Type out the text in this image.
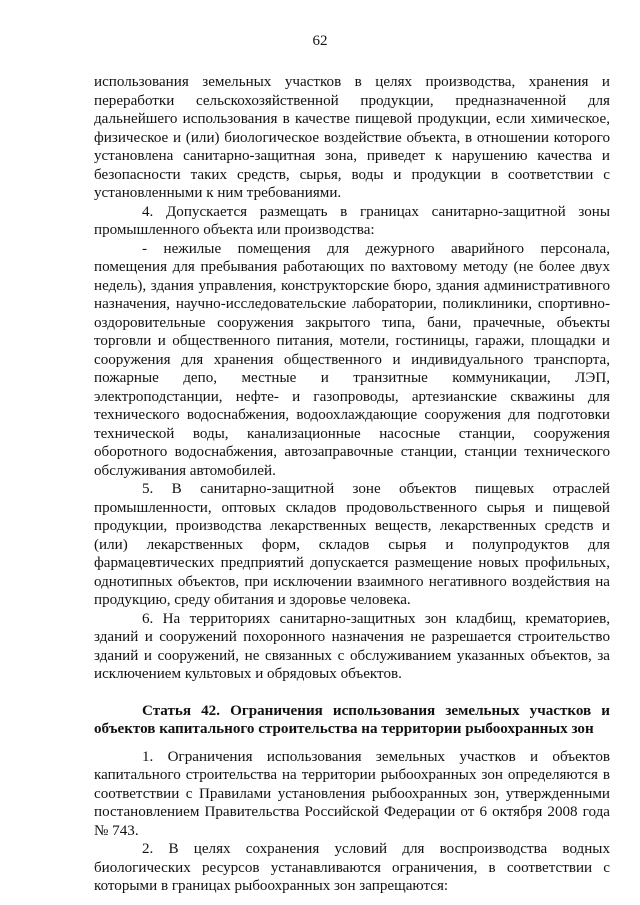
62

использования земельных участков в целях производства, хранения и переработки сельскохозяйственной продукции, предназначенной для дальнейшего использования в качестве пищевой продукции, если химическое, физическое и (или) биологическое воздействие объекта, в отношении которого установлена санитарно-защитная зона, приведет к нарушению качества и безопасности таких средств, сырья, воды и продукции в соответствии с установленными к ним требованиями.

4. Допускается размещать в границах санитарно-защитной зоны промышленного объекта или производства:

- нежилые помещения для дежурного аварийного персонала, помещения для пребывания работающих по вахтовому методу (не более двух недель), здания управления, конструкторские бюро, здания административного назначения, научно-исследовательские лаборатории, поликлиники, спортивно-оздоровительные сооружения закрытого типа, бани, прачечные, объекты торговли и общественного питания, мотели, гостиницы, гаражи, площадки и сооружения для хранения общественного и индивидуального транспорта, пожарные депо, местные и транзитные коммуникации, ЛЭП, электроподстанции, нефте- и газопроводы, артезианские скважины для технического водоснабжения, водоохлаждающие сооружения для подготовки технической воды, канализационные насосные станции, сооружения оборотного водоснабжения, автозаправочные станции, станции технического обслуживания автомобилей.

5. В санитарно-защитной зоне объектов пищевых отраслей промышленности, оптовых складов продовольственного сырья и пищевой продукции, производства лекарственных веществ, лекарственных средств и (или) лекарственных форм, складов сырья и полупродуктов для фармацевтических предприятий допускается размещение новых профильных, однотипных объектов, при исключении взаимного негативного воздействия на продукцию, среду обитания и здоровье человека.

6. На территориях санитарно-защитных зон кладбищ, крематориев, зданий и сооружений похоронного назначения не разрешается строительство зданий и сооружений, не связанных с обслуживанием указанных объектов, за исключением культовых и обрядовых объектов.

Статья 42. Ограничения использования земельных участков и объектов капитального строительства на территории рыбоохранных зон

1. Ограничения использования земельных участков и объектов капитального строительства на территории рыбоохранных зон определяются в соответствии с Правилами установления рыбоохранных зон, утвержденными постановлением Правительства Российской Федерации от 6 октября 2008 года № 743.

2. В целях сохранения условий для воспроизводства водных биологических ресурсов устанавливаются ограничения, в соответствии с которыми в границах рыбоохранных зон запрещаются:
